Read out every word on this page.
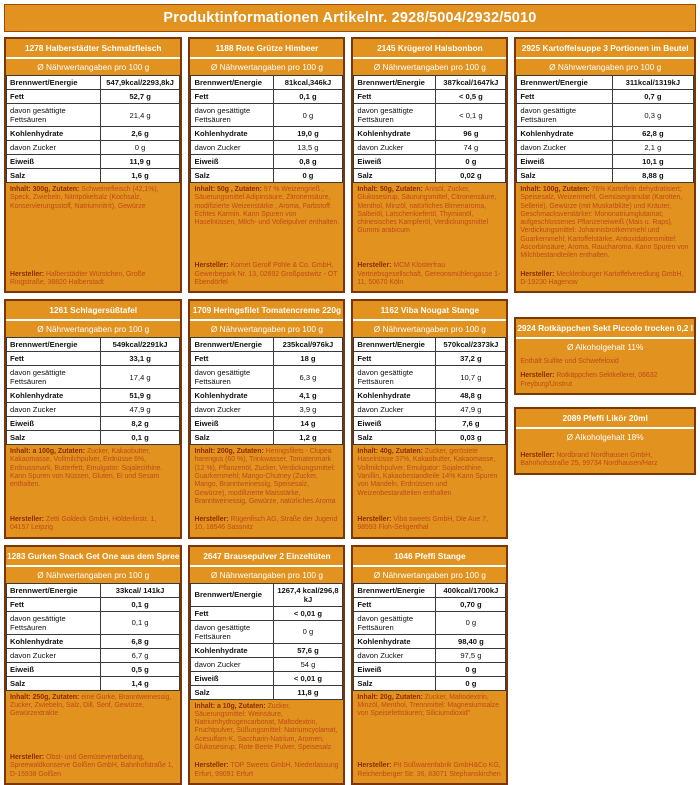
Produktinformationen Artikelnr. 2928/5004/2932/5010
1278 Halberstädter Schmalzfleisch
Ø Nährwertangaben pro 100 g
Brennwert/Energie	547,9kcal/2293,8kJ
Fett	52,7 g
davon gesättigte Fettsäuren	21,4 g
Kohlenhydrate	2,6 g
davon Zucker	0 g
Eiweiß	11,9 g
Salz	1,6 g
Inhalt: 300g, Zutaten: Schweinefleisch (42,1%), Speck, Zwiebeln, Nitritpökelsalz (Kochsalz, Konservierungsstoff, Natriumnitrit), Gewürze
Hersteller: Halberstädter Würstchen, Große Ringstraße, 38820 Halberstadt
1261 Schlagersüßtafel
Ø Nährwertangaben pro 100 g
Brennwert/Energie	549kcal/2291kJ
Fett	33,1 g
davon gesättigte Fettsäuren	17,4 g
Kohlenhydrate	51,9 g
davon Zucker	47,9 g
Eiweiß	8,2 g
Salz	0,1 g
Inhalt: a 100g, Zutaten: Zucker, Kakaobutter, Kakaomasse, Vollmilchpulver, Erdnüsse 6%, Erdnussmark, Butterfett, Emulgator: Sojalecithine. Kann Spuren von Nüssen, Gluten, Ei und Sesam enthalten.
Hersteller: Zetti Goldeck GmbH, Hölderlinstr. 1, 04157 Leipzig
1283 Gurken Snack Get One aus dem Spree
Ø Nährwertangaben pro 100 g
Brennwert/Energie	33kcal/ 141kJ
Fett	0,1 g
davon gesättigte Fettsäuren	0,1 g
Kohlenhydrate	6,8 g
davon Zucker	6,7 g
Eiweiß	0,5 g
Salz	1,4 g
Inhalt: 250g, Zutaten: eine Gurke, Branntweinessig, Zucker, Zwiebeln, Salz, Dill, Senf, Gewürze, Gewürzextrakte
Hersteller: Obst- und Gemüseverarbeitung, Spreewaldkonserve Golßen GmbH, Bahnhofstraße 1, D-15938 Golßen
1188 Rote Grütze Himbeer
Ø Nährwertangaben pro 100 g
Brennwert/Energie	81kcal,346kJ
Fett	0,1 g
davon gesättigte Fettsäuren	0 g
Kohlenhydrate	19,0 g
davon Zucker	13,5 g
Eiweiß	0,8 g
Salz	0 g
Inhalt: 50g , Zutaten: 97 % Weizengrieß , Säuerungsmittel Adipinsäure, Zitronensäure, modifizierte Weizenstärke , Aroma, Farbstoff: Echtes Karmin. Kann Spuren von Haselnüssen, Milch- und Volleipulver enthalten.
Hersteller: Komet Gerolf Pöhle & Co. GmbH, Gewerbepark Nr. 13, 02692 Großpostwitz - OT Ebendörfel
1709 Heringsfilet Tomatencreme 220g
Ø Nährwertangaben pro 100 g
Brennwert/Energie	235kcal/976kJ
Fett	18 g
davon gesättigte Fettsäuren	6,3 g
Kohlenhydrate	4,1 g
davon Zucker	3,9 g
Eiweiß	14 g
Salz	1,2 g
Inhalt: 200g, Zutaten: Heringsfilets - Clupea harengus (60 %), Trinkwasser, Tomatenmark (12 %), Pflanzenöl, Zucker, Verdickungsmittel: Guarkernmehl; Mango-Chutney (Zucker, Mango, Branntweinessig, Speisesalz, Gewürze), modifizierte Maisstärke, Branntweinessig, Gewürze, natürliches Aroma
Hersteller: Rügenfisch AG, Straße der Jugend 10, 18546 Sassnitz
2647 Brausepulver 2 Einzeltüten
Ø Nährwertangaben pro 100 g
Brennwert/Energie	1267,4 kcal/296,8 kJ
Fett	< 0,01 g
davon gesättigte Fettsäuren	0 g
Kohlenhydrate	57,6 g
davon Zucker	54 g
Eiweiß	< 0,01 g
Salz	11,8 g
Inhalt: a 10g, Zutaten: Zucker, Säuerungsmittel: Weinsäure, Natriumhydrogencarbonat, Maltodextrin, Fruchtpulver, Süßungsmittel: Natriumcyclamat, Acesulfam-K, Saccharin-Natrium, Aromen, Glukosesirup, Rote Beete Pulver, Speisesalz
Hersteller: TOP Sweets GmbH, Niederlassung Erfurt, 99091 Erfurt
2145 Krügerol Halsbonbon
Ø Nährwertangaben pro 100 g
Brennwert/Energie	387kcal/1647kJ
Fett	< 0,5 g
davon gesättigte Fettsäuren	< 0,1 g
Kohlenhydrate	96 g
davon Zucker	74 g
Eiweiß	0 g
Salz	0,02 g
Inhalt: 50g, Zutaten: Anisöl, Zucker, Glukosesirup, Säurungsmittel, Citronensäure, Menthol, Minzöl, natürliches Birnenaroma, Salbeiöl, Latschenkieferöl, Thymianöl, chinesisches Kampferöl, Verdickungsmittel Gummi arabicum
Hersteller: MCM Klosterfrau Vertriebsgesellschaft, Gereonsmühlengasse 1-11, 50670 Köln
1162 Viba Nougat Stange
Ø Nährwertangaben pro 100 g
Brennwert/Energie	570kcal/2373kJ
Fett	37,2 g
davon gesättigte Fettsäuren	10,7 g
Kohlenhydrate	48,8 g
davon Zucker	47,9 g
Eiweiß	7,6 g
Salz	0,03 g
Inhalt: 40g, Zutaten: Zucker, geröstete Haselnüsse 37%, Kakaobutter, Kakaomasse, Vollmilchpulver, Emulgator: Sojalecithine, Vanillin, Kakaobestandteile 14% Kann Spuren von Mandeln, Erdnüssen und Weizenbestandteilen enthalten
Hersteller: Viba sweets GmbH, Die Aue 7, 98593 Floh-Seligenthal
1046 Pfeffi Stange
Ø Nährwertangaben pro 100 g
Brennwert/Energie	400kcal/1700kJ
Fett	0,70 g
davon gesättigte Fettsäuren	0 g
Kohlenhydrate	98,40 g
davon Zucker	97,5 g
Eiweiß	0 g
Salz	0 g
Inhalt: 20g, Zutaten: Zucker, Maltodextrin, Minzöl, Menthol, Trennmittel: Magnesiumsalze von Speisefettsäuren; Siliciumdioxid"
Hersteller: Pit Süßwarenfabrik GmbH&Co KG, Reichenberger Str. 36, 83071 Stephanskirchen
2925 Kartoffelsuppe 3 Portionen im Beutel
Ø Nährwertangaben pro 100 g
Brennwert/Energie	311kcal/1319kJ
Fett	0,7 g
davon gesättigte Fettsäuren	0,3 g
Kohlenhydrate	62,8 g
davon Zucker	2,1 g
Eiweiß	10,1 g
Salz	8,88 g
Inhalt: 100g, Zutaten: 76% Kartoffeln dehydratisiert; Speisesalz, Weizenmehl, Gemüsegranulat (Karotten, Sellerie), Gewürze (mit Muskatblüte) und Kräuter, Geschmacksverstärker: Mononatriumglutamat; aufgeschlossenes Pflanzeneiweiß (Mais u. Raps), Verdickungsmittel: Johannisbrotkernmehl und Guarkernmehl; Kartoffelstärke, Antioxidationsmittel: Ascorbinsäure; Aroma, Raucharoma. Kann Spuren von Milchbestandteilen enthalten.
Hersteller: Mecklenburger Kartoffelveredlung GmbH, D-19230 Hagenow
2924 Rotkäppchen Sekt Piccolo trocken 0,2 l
Ø Alkoholgehalt 11%
Enthält Sulfite und Schwefeloxid
Hersteller: Rotkäppchen Sektkellerei, 06632 Freyburg/Unstrut
2089 Pfeffi Likör 20ml
Ø Alkoholgehalt 18%
Hersteller: Nordbrand Nordhausen GmbH, Bahnhofsstraße 25, 99734 Nordhausen/Harz
